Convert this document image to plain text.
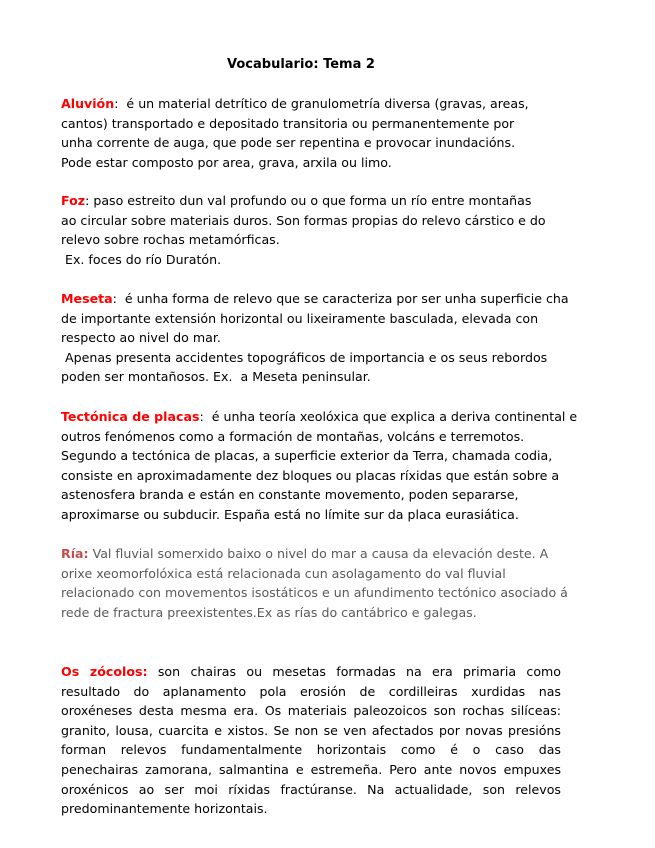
Vocabulario: Tema 2
Aluvión:  é un material detrítico de granulometría diversa (gravas, areas,
cantos) transportado e depositado transitoria ou permanentemente por
unha corrente de auga, que pode ser repentina e provocar inundacións.
Pode estar composto por area, grava, arxila ou limo.
Foz: paso estreito dun val profundo ou o que forma un río entre montañas
ao circular sobre materiais duros. Son formas propias do relevo cárstico e do
relevo sobre rochas metamórficas.
Ex. foces do río Duratón.
Meseta:  é unha forma de relevo que se caracteriza por ser unha superficie cha
de importante extensión horizontal ou lixeiramente basculada, elevada con
respecto ao nivel do mar.
Apenas presenta accidentes topográficos de importancia e os seus rebordos
poden ser montañosos. Ex.  a Meseta peninsular.
Tectónica de placas:  é unha teoría xeolóxica que explica a deriva continental e
outros fenómenos como a formación de montañas, volcáns e terremotos.
Segundo a tectónica de placas, a superficie exterior da Terra, chamada codia,
consiste en aproximadamente dez bloques ou placas ríxidas que están sobre a
astenosfera branda e están en constante movemento, poden separarse,
aproximarse ou subducir. España está no límite sur da placa eurasiática.
Ría: Val fluvial somerxido baixo o nivel do mar a causa da elevación deste. A
orixe xeomorfolóxica está relacionada cun asolagamento do val fluvial
relacionado con movementos isostáticos e un afundimento tectónico asociado á
rede de fractura preexistentes.Ex as rías do cantábrico e galegas.
Os zócolos: son chairas ou mesetas formadas na era primaria como
resultado do aplanamento pola erosión de cordilleiras xurdidas nas
oroxéneses desta mesma era. Os materiais paleozoicos son rochas silíceas:
granito, lousa, cuarcita e xistos. Se non se ven afectados por novas presións
forman relevos fundamentalmente horizontais como é o caso das
penechairas zamorana, salmantina e estremeña. Pero ante novos empuxes
oroxénicos ao ser moi ríxidas fractúranse. Na actualidade, son relevos
predominantemente horizontais.
